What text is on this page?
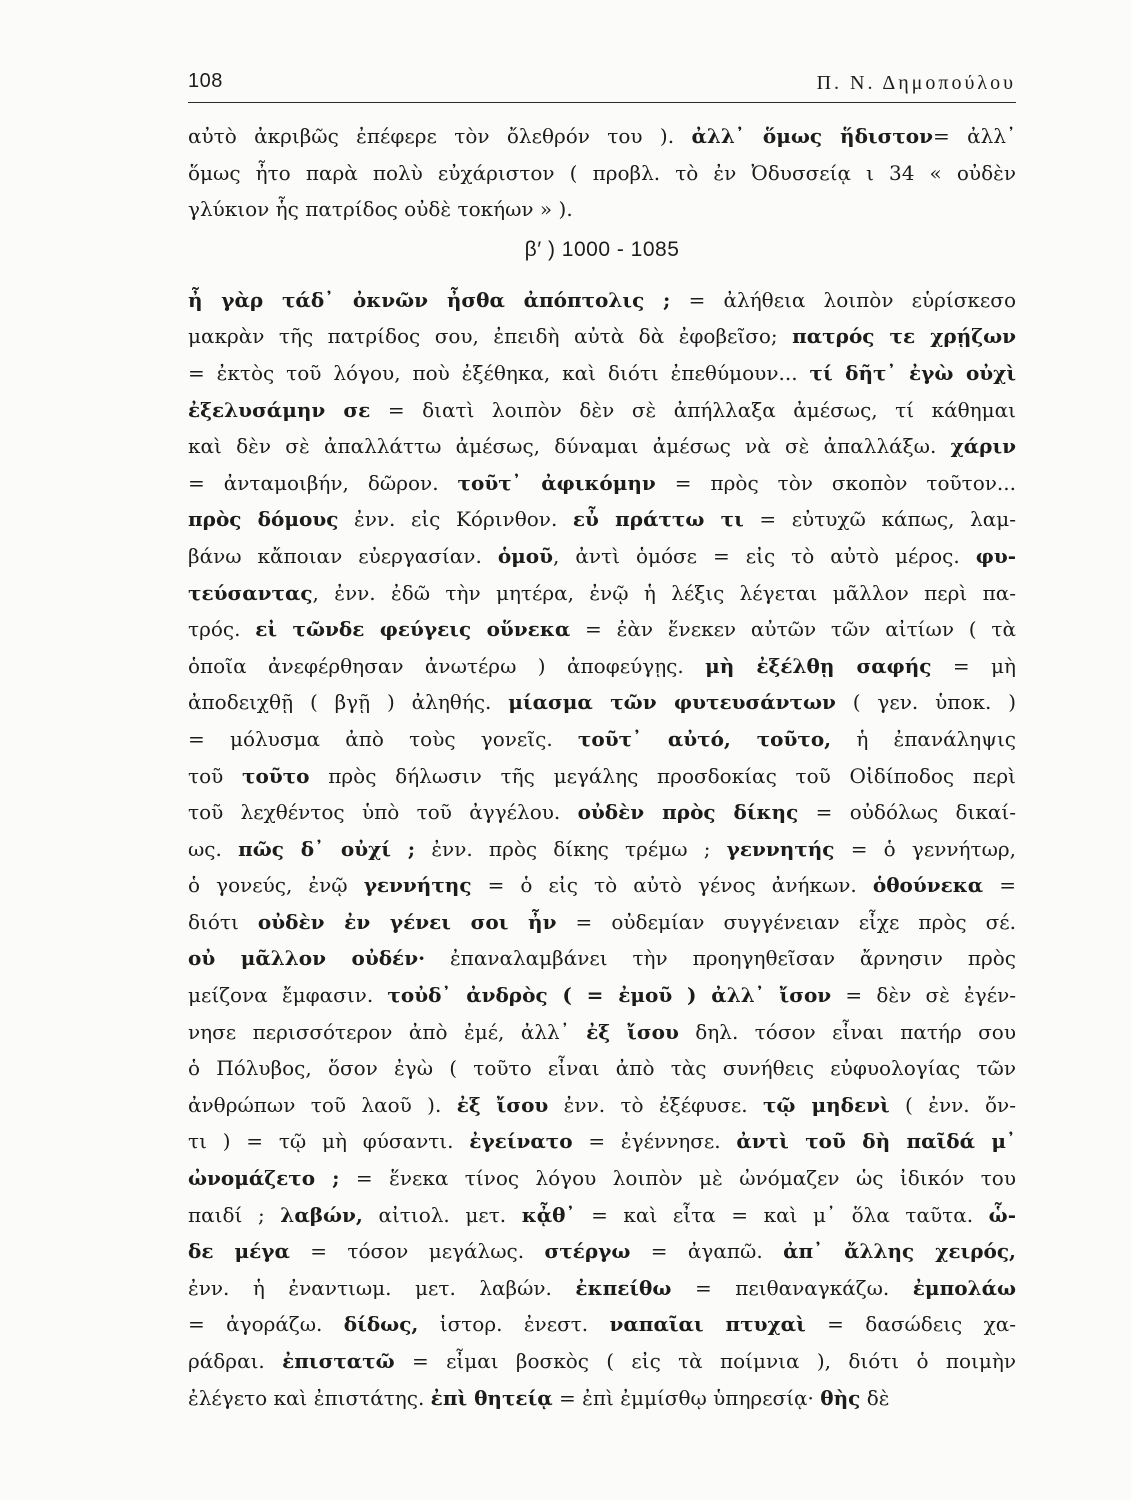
108	Π. Ν. Δημοπούλου
αὐτὸ ἀκριβῶς ἐπέφερε τὸν ὄλεθρόν του ). ἀλλ᾿ ὅμως ἥδιστον= ἀλλ᾿
ὅμως ἦτο παρὰ πολὺ εὐχάριστον ( προβλ. τὸ ἐν Ὀδυσσείᾳ ι 34 « οὐδὲν
γλύκιον ἧς πατρίδος οὐδὲ τοκήων » ).
β′ ) 1000 - 1085
ἦ γὰρ τάδ᾿ ὀκνῶν ἦσθα ἀπόπτολις ; = ἀλήθεια λοιπὸν εὑρίσκεσο
μακρὰν τῆς πατρίδος σου, ἐπειδὴ αὐτὰ δὰ ἐφοβεῖσο; πατρός τε χρῄζων
= ἐκτὸς τοῦ λόγου, ποὺ ἐξέθηκα, καὶ διότι ἐπεθύμουν... τί δῆτ᾿ ἐγὼ οὐχὶ
ἐξελυσάμην σε = διατὶ λοιπὸν δὲν σὲ ἀπήλλαξα ἀμέσως, τί κάθημαι
καὶ δὲν σὲ ἀπαλλάττω ἀμέσως, δύναμαι ἀμέσως νὰ σὲ ἀπαλλάξω. χάριν
= ἀνταμοιβήν, δῶρον. τοῦτ᾿ ἀφικόμην = πρὸς τὸν σκοπὸν τοῦτον...
πρὸς δόμους ἐνν. εἰς Κόρινθον. εὖ πράττω τι = εὐτυχῶ κάπως, λαμ-
βάνω κἄποιαν εὐεργασίαν. ὁμοῦ, ἀντὶ ὁμόσε = εἰς τὸ αὐτὸ μέρος. φυ-
τεύσαντας, ἐνν. ἐδῶ τὴν μητέρα, ἐνῷ ἡ λέξις λέγεται μᾶλλον περὶ πα-
τρός. εἰ τῶνδε φεύγεις οὕνεκα = ἐὰν ἕνεκεν αὐτῶν τῶν αἰτίων ( τὰ
ὁποῖα ἀνεφέρθησαν ἀνωτέρω ) ἀποφεύγῃς. μὴ ἐξέλθῃ σαφής = μὴ
ἀποδειχθῇ ( βγῇ ) ἀληθής. μίασμα τῶν φυτευσάντων ( γεν. ὑποκ. )
= μόλυσμα ἀπὸ τοὺς γονεῖς. τοῦτ᾿ αὐτό, τοῦτο, ἡ ἐπανάληψις
τοῦ τοῦτο πρὸς δήλωσιν τῆς μεγάλης προσδοκίας τοῦ Οἰδίποδος περὶ
τοῦ λεχθέντος ὑπὸ τοῦ ἀγγέλου. οὐδὲν πρὸς δίκης = οὐδόλως δικαί-
ως. πῶς δ᾿ οὐχί ; ἐνν. πρὸς δίκης τρέμω ; γεννητής = ὁ γεννήτωρ,
ὁ γονεύς, ἐνῷ γεννήτης = ὁ εἰς τὸ αὐτὸ γένος ἀνήκων. ὁθούνεκα =
διότι οὐδὲν ἐν γένει σοι ἦν = οὐδεμίαν συγγένειαν εἶχε πρὸς σέ.
οὐ μᾶλλον οὐδέν· ἐπαναλαμβάνει τὴν προηγηθεῖσαν ἄρνησιν πρὸς
μείζονα ἔμφασιν. τοὐδ᾿ ἀνδρὸς ( = ἐμοῦ ) ἀλλ᾿ ἴσον = δὲν σὲ ἐγέν-
νησε περισσότερον ἀπὸ ἐμέ, ἀλλ᾿ ἐξ ἴσου δηλ. τόσον εἶναι πατήρ σου
ὁ Πόλυβος, ὅσον ἐγὼ ( τοῦτο εἶναι ἀπὸ τὰς συνήθεις εὐφυολογίας τῶν
ἀνθρώπων τοῦ λαοῦ ). ἐξ ἴσου ἐνν. τὸ ἐξέφυσε. τῷ μηδενὶ ( ἐνν. ὄν-
τι ) = τῷ μὴ φύσαντι. ἐγείνατο = ἐγέννησε. ἀντὶ τοῦ δὴ παῖδά μ᾿
ὠνομάζετο ; = ἕνεκα τίνος λόγου λοιπὸν μὲ ὠνόμαζεν ὡς ἰδικόν του
παιδί ; λαβών, αἰτιολ. μετ. κᾆθ᾿ = καὶ εἶτα = καὶ μ᾿ ὅλα ταῦτα. ὧ-
δε μέγα = τόσον μεγάλως. στέργω = ἀγαπῶ. ἀπ᾿ ἄλλης χειρός,
ἐνν. ἡ ἐναντιωμ. μετ. λαβών. ἐκπείθω = πειθαναγκάζω. ἐμπολάω
= ἀγοράζω. δίδως, ἱστορ. ἐνεστ. ναπαῖαι πτυχαὶ = δασώδεις χα-
ράδραι. ἐπιστατῶ = εἶμαι βοσκὸς ( εἰς τὰ ποίμνια ), διότι ὁ ποιμὴν
ἐλέγετο καὶ ἐπιστάτης. ἐπὶ θητείᾳ = ἐπὶ ἐμμίσθῳ ὑπηρεσίᾳ· θὴς δὲ
